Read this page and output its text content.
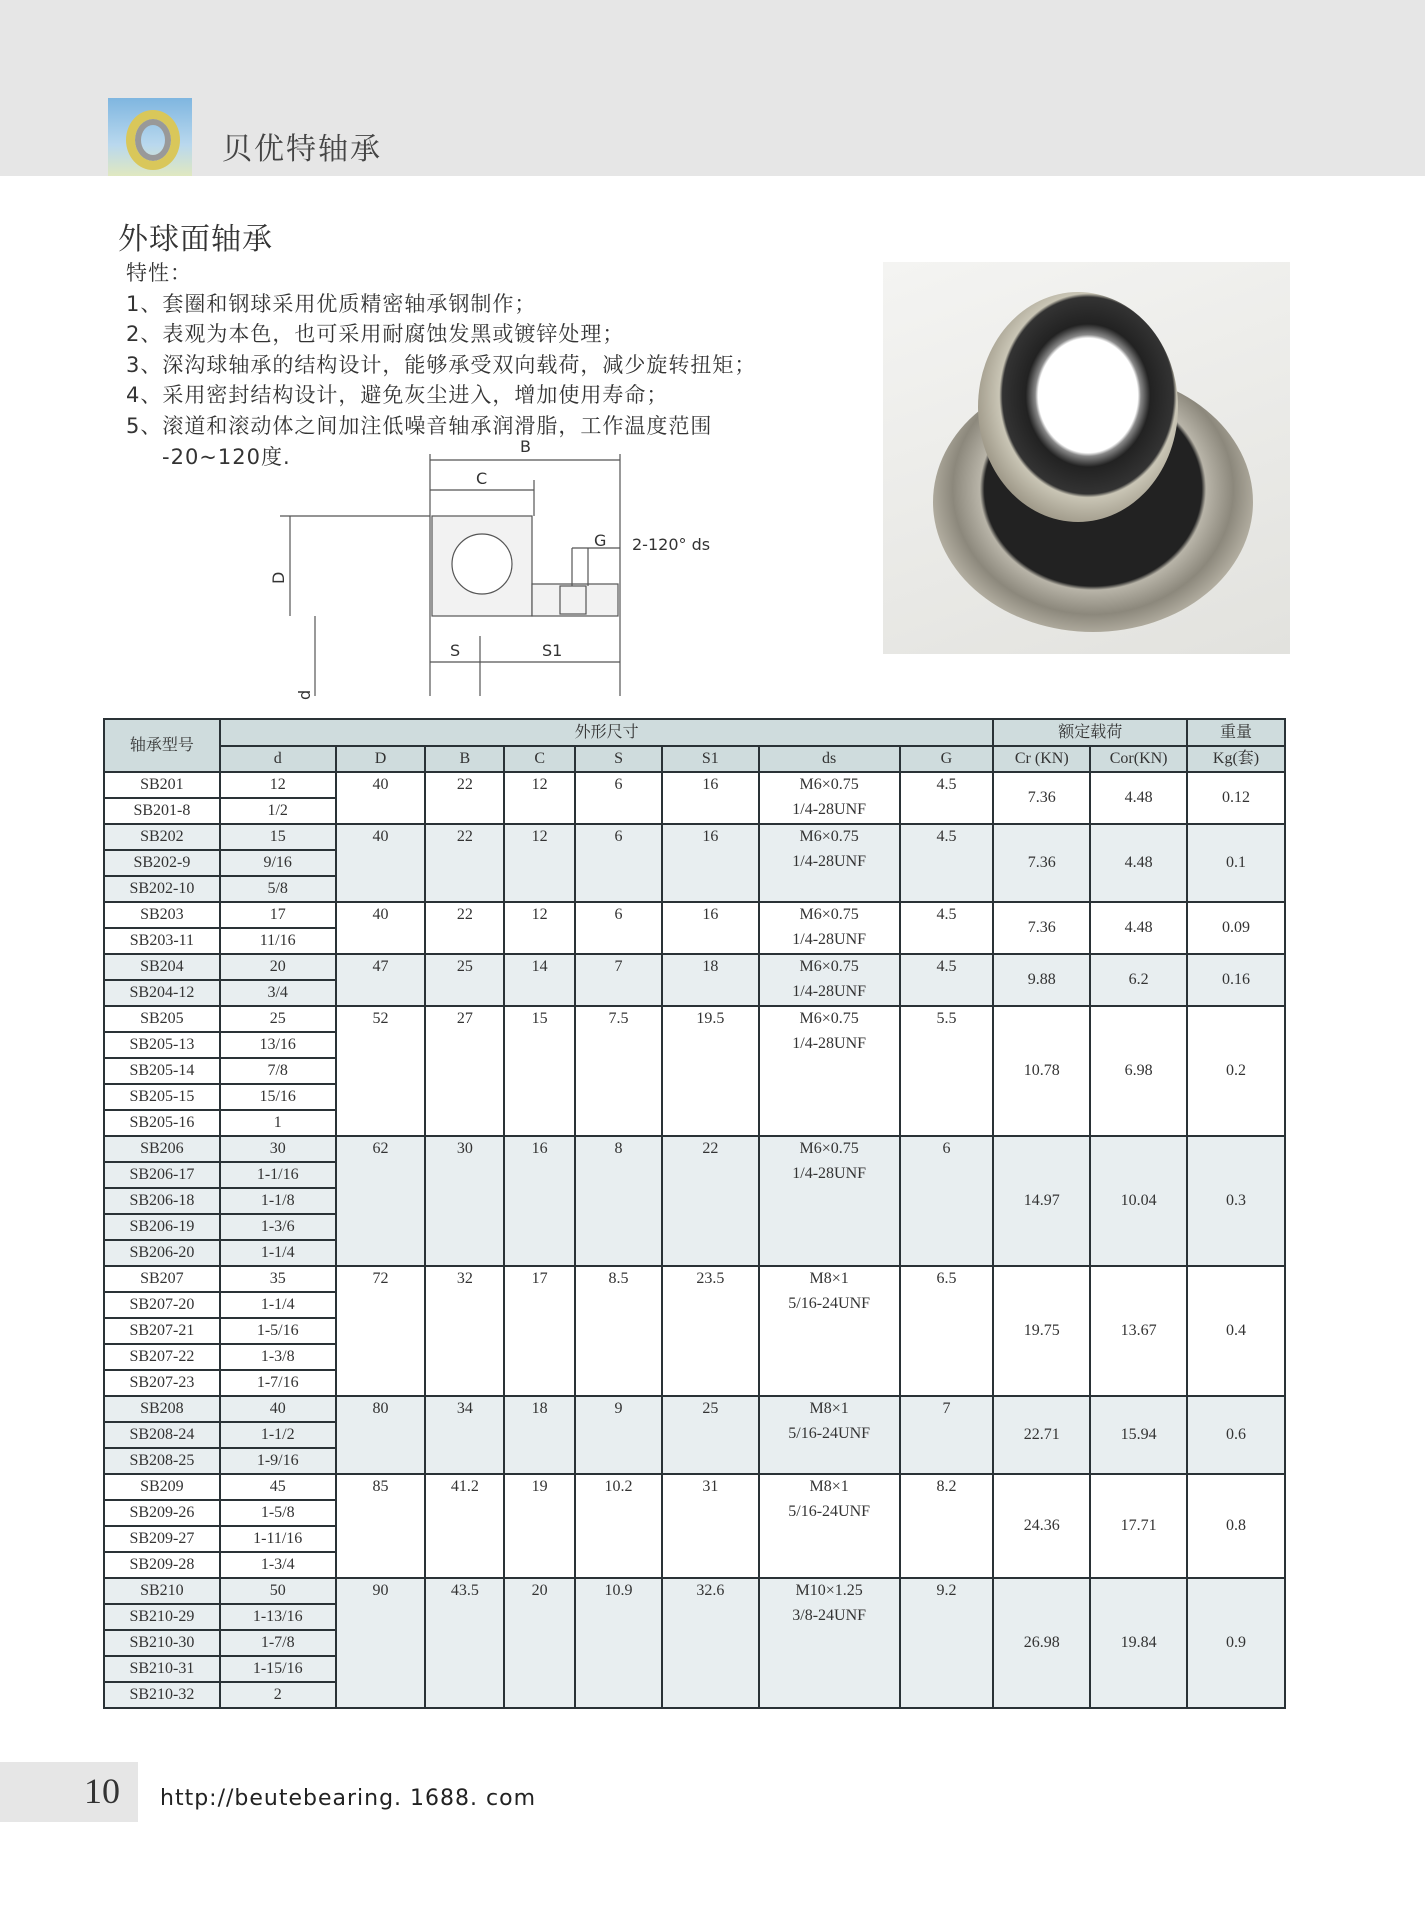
贝优特轴承
外球面轴承
特性：
1、套圈和钢球采用优质精密轴承钢制作；
2、表观为本色，也可采用耐腐蚀发黑或镀锌处理；
3、深沟球轴承的结构设计，能够承受双向载荷，减少旋转扭矩；
4、采用密封结构设计，避免灰尘进入，增加使用寿命；
5、滚道和滚动体之间加注低噪音轴承润滑脂，工作温度范围
-20~120度.	B
C
G 2-120° ds
D
d
S	S1
轴承型号	外形尺寸								额定载荷		重量
	d	D	B	C	S	S1	ds	G	Cr (KN)	Cor(KN)	Kg(套)
SB201	12	40	22	12	6	16	M6×0.75	4.5	7.36	4.48	0.12
SB201-8	1/2						1/4-28UNF				
SB202	15	40	22	12	6	16	M6×0.75	4.5	7.36	4.48	0.1
SB202-9	9/16						1/4-28UNF				
SB202-10	5/8										
SB203	17	40	22	12	6	16	M6×0.75	4.5	7.36	4.48	0.09
SB203-11	11/16						1/4-28UNF				
SB204	20	47	25	14	7	18	M6×0.75	4.5	9.88	6.2	0.16
SB204-12	3/4						1/4-28UNF				
SB205	25	52	27	15	7.5	19.5	M6×0.75	5.5	10.78	6.98	0.2
SB205-13	13/16						1/4-28UNF				
SB205-14	7/8										
SB205-15	15/16										
SB205-16	1										
SB206	30	62	30	16	8	22	M6×0.75	6	14.97	10.04	0.3
SB206-17	1-1/16						1/4-28UNF				
SB206-18	1-1/8										
SB206-19	1-3/6										
SB206-20	1-1/4										
SB207	35	72	32	17	8.5	23.5	M8×1	6.5	19.75	13.67	0.4
SB207-20	1-1/4						5/16-24UNF				
SB207-21	1-5/16										
SB207-22	1-3/8										
SB207-23	1-7/16										
SB208	40	80	34	18	9	25	M8×1	7	22.71	15.94	0.6
SB208-24	1-1/2						5/16-24UNF				
SB208-25	1-9/16										
SB209	45	85	41.2	19	10.2	31	M8×1	8.2	24.36	17.71	0.8
SB209-26	1-5/8						5/16-24UNF				
SB209-27	1-11/16										
SB209-28	1-3/4										
SB210	50	90	43.5	20	10.9	32.6	M10×1.25	9.2	26.98	19.84	0.9
SB210-29	1-13/16						3/8-24UNF				
SB210-30	1-7/8										
SB210-31	1-15/16										
SB210-32	2										
10 http://beutebearing. 1688. com
